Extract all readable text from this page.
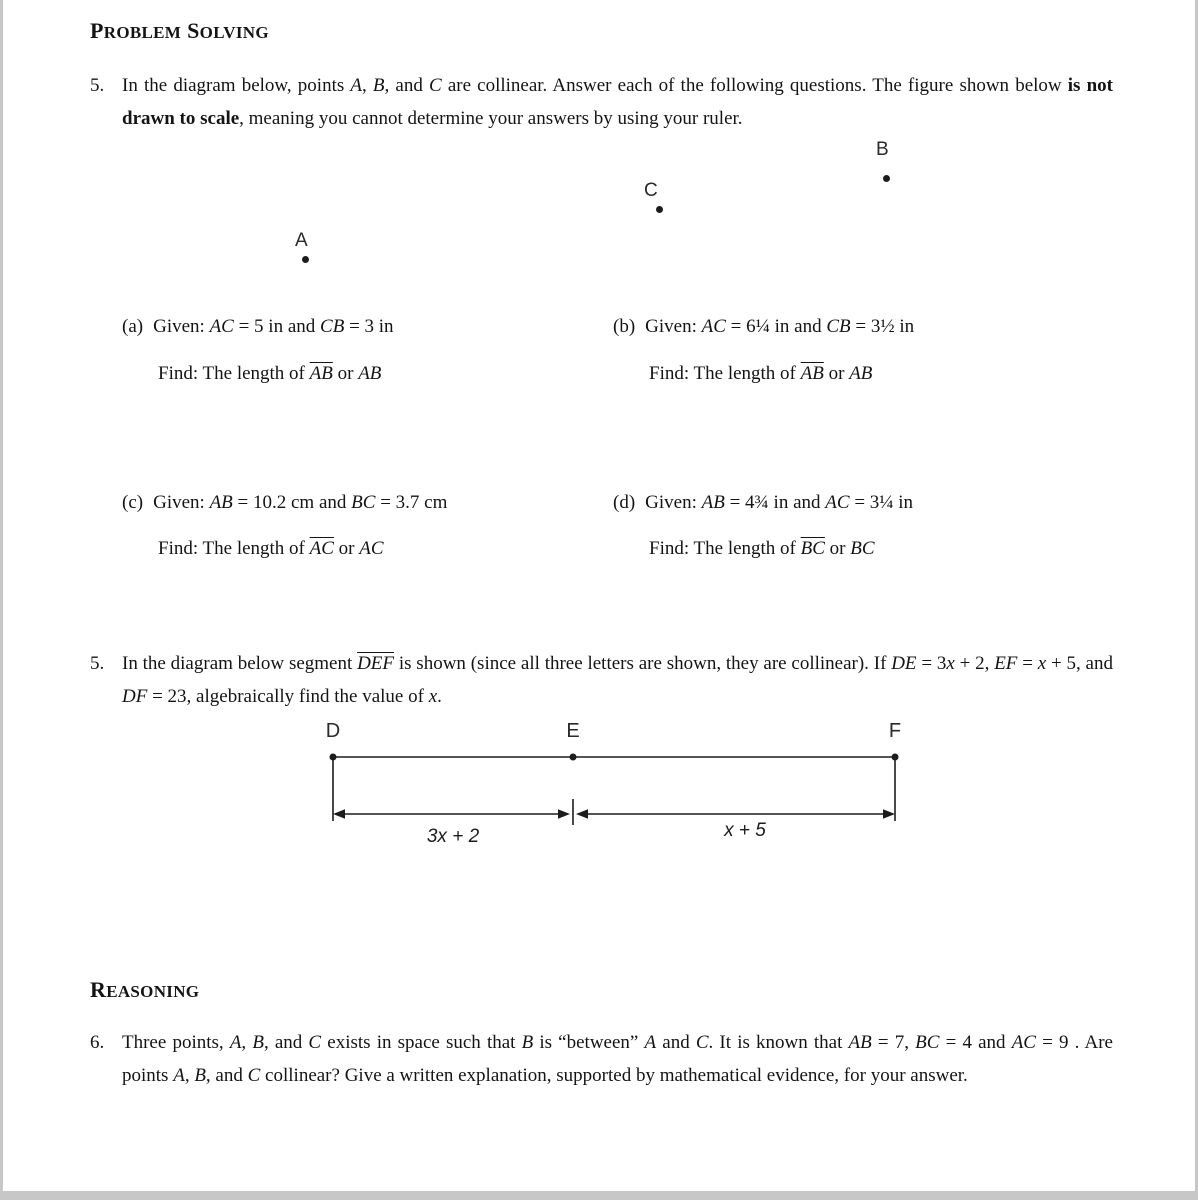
PROBLEM SOLVING
5. In the diagram below, points A, B, and C are collinear. Answer each of the following questions. The figure shown below is not drawn to scale, meaning you cannot determine your answers by using your ruler.

B
C
A
(a) Given: AC = 5 in and CB = 3 in
Find: The length of $\overline{AB}$ or AB
(b) Given: AC = 6¼ in and CB = 3½ in
Find: The length of $\overline{AB}$ or AB
(c) Given: AB = 10.2 cm and BC = 3.7 cm
Find: The length of $\overline{AC}$ or AC
(d) Given: AB = 4¾ in and AC = 3¼ in
Find: The length of $\overline{BC}$ or BC
5. In the diagram below segment $\overline{DEF}$ is shown (since all three letters are shown, they are collinear). If DE = 3x + 2, EF = x + 5, and DF = 23, algebraically find the value of x.

D	E	F
3x + 2	x + 5
REASONING
6. Three points, A, B, and C exists in space such that B is “between” A and C. It is known that AB = 7, BC = 4 and AC = 9 . Are points A, B, and C collinear? Give a written explanation, supported by mathematical evidence, for your answer.
